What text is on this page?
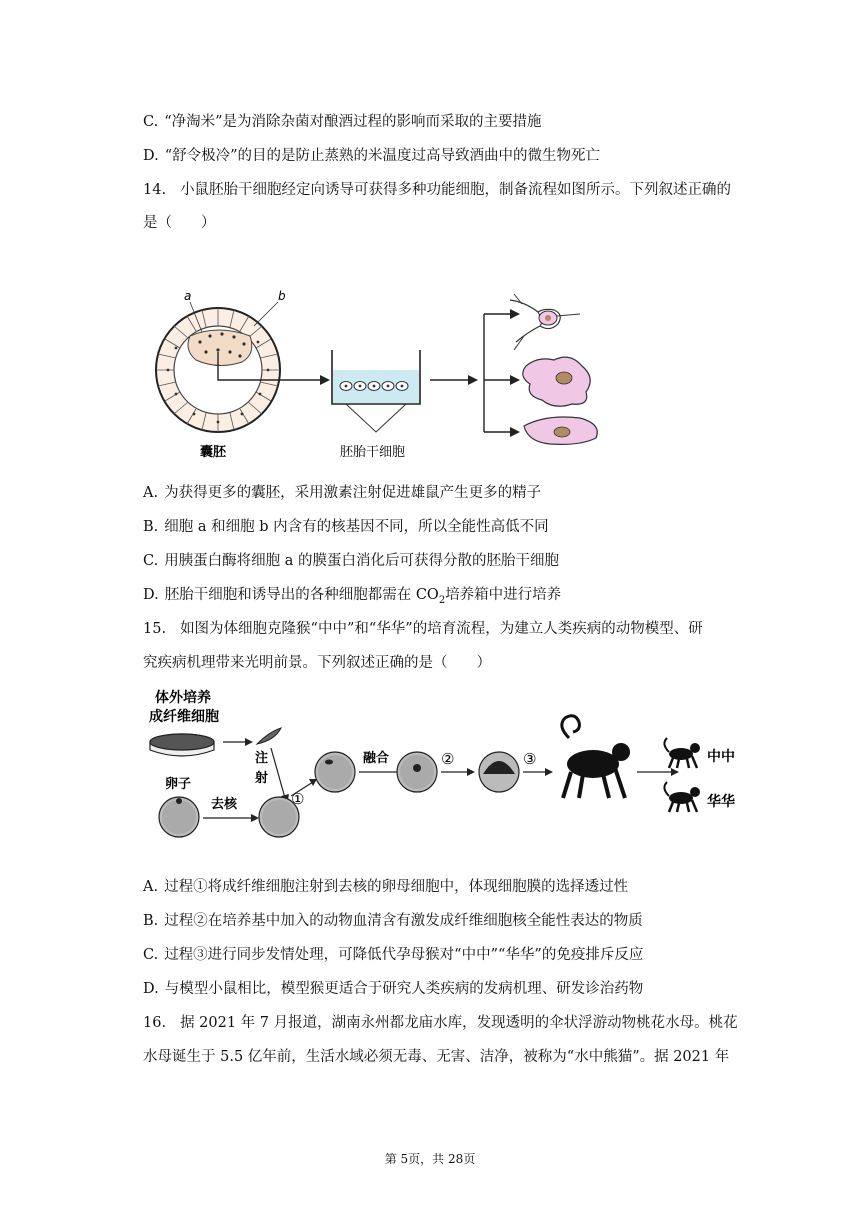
C. “净淘米”是为消除杂菌对酿酒过程的影响而采取的主要措施
D. “舒令极冷”的目的是防止蒸熟的米温度过高导致酒曲中的微生物死亡
14. 小鼠胚胎干细胞经定向诱导可获得多种功能细胞，制备流程如图所示。下列叙述正确的
是（　　）
a	b
囊胚	胚胎干细胞
A. 为获得更多的囊胚，采用激素注射促进雄鼠产生更多的精子
B. 细胞 a 和细胞 b 内含有的核基因不同，所以全能性高低不同
C. 用胰蛋白酶将细胞 a 的膜蛋白消化后可获得分散的胚胎干细胞
D. 胚胎干细胞和诱导出的各种细胞都需在 $CO_2$培养箱中进行培养
15. 如图为体细胞克隆猴“中中”和“华华”的培育流程，为建立人类疾病的动物模型、研
究疾病机理带来光明前景。下列叙述正确的是（　　）
体外培养
成纤维细胞
注
射
卵子
去核	①
融合	②	③	中中
华华
A. 过程①将成纤维细胞注射到去核的卵母细胞中，体现细胞膜的选择透过性
B. 过程②在培养基中加入的动物血清含有激发成纤维细胞核全能性表达的物质
C. 过程③进行同步发情处理，可降低代孕母猴对“中中”“华华”的免疫排斥反应
D. 与模型小鼠相比，模型猴更适合于研究人类疾病的发病机理、研发诊治药物
16. 据 2021 年 7 月报道，湖南永州都龙庙水库，发现透明的伞状浮游动物桃花水母。桃花
水母诞生于 5.5 亿年前，生活水域必须无毒、无害、洁净，被称为“水中熊猫”。据 2021 年
第 5页，共 28页
